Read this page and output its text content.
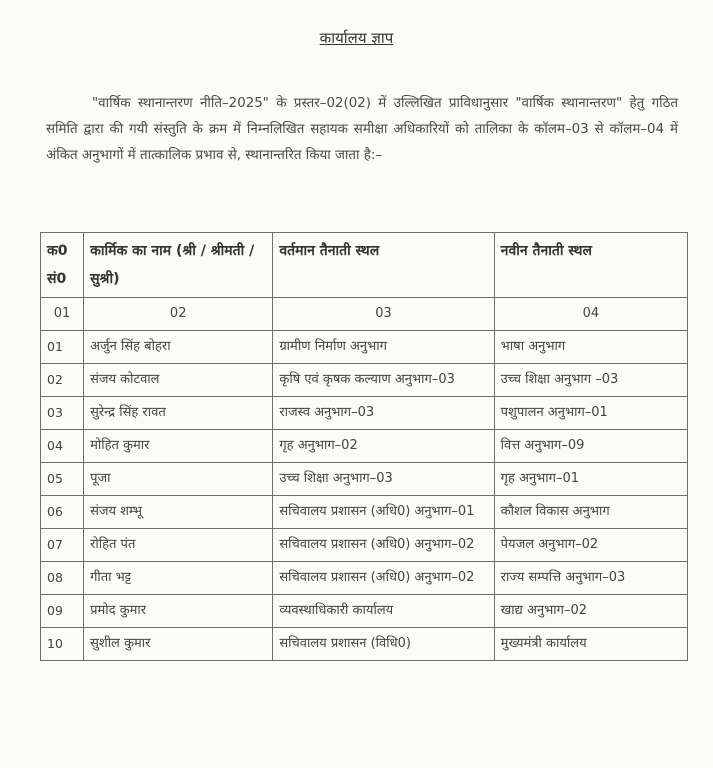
कार्यालय ज्ञाप
"वार्षिक स्थानान्तरण नीति–2025" के प्रस्तर–02(02) में उल्लिखित प्राविधानुसार "वार्षिक स्थानान्तरण" हेतु गठित समिति द्वारा की गयी संस्तुति के क्रम में निम्नलिखित सहायक समीक्षा अधिकारियों को तालिका के कॉलम–03 से कॉलम–04 में अंकित अनुभागों में तात्कालिक प्रभाव से, स्थानान्तरित किया जाता है:–
क0 सं0	कार्मिक का नाम (श्री / श्रीमती / सुश्री)	वर्तमान तैनाती स्थल	नवीन तैनाती स्थल
01	02	03	04
01	अर्जुन सिंह बोहरा	ग्रामीण निर्माण अनुभाग	भाषा अनुभाग
02	संजय कोटवाल	कृषि एवं कृषक कल्याण अनुभाग–03	उच्च शिक्षा अनुभाग –03
03	सुरेन्द्र सिंह रावत	राजस्व अनुभाग–03	पशुपालन अनुभाग–01
04	मोहित कुमार	गृह अनुभाग–02	वित्त अनुभाग–09
05	पूजा	उच्च शिक्षा अनुभाग–03	गृह अनुभाग–01
06	संजय शम्भू	सचिवालय प्रशासन (अधि0) अनुभाग–01	कौशल विकास अनुभाग
07	रोहित पंत	सचिवालय प्रशासन (अधि0) अनुभाग–02	पेयजल अनुभाग–02
08	गीता भट्ट	सचिवालय प्रशासन (अधि0) अनुभाग–02	राज्य सम्पत्ति अनुभाग–03
09	प्रमोद कुमार	व्यवस्थाधिकारी कार्यालय	खाद्य अनुभाग–02
10	सुशील कुमार	सचिवालय प्रशासन (विधि0)	मुख्यमंत्री कार्यालय
